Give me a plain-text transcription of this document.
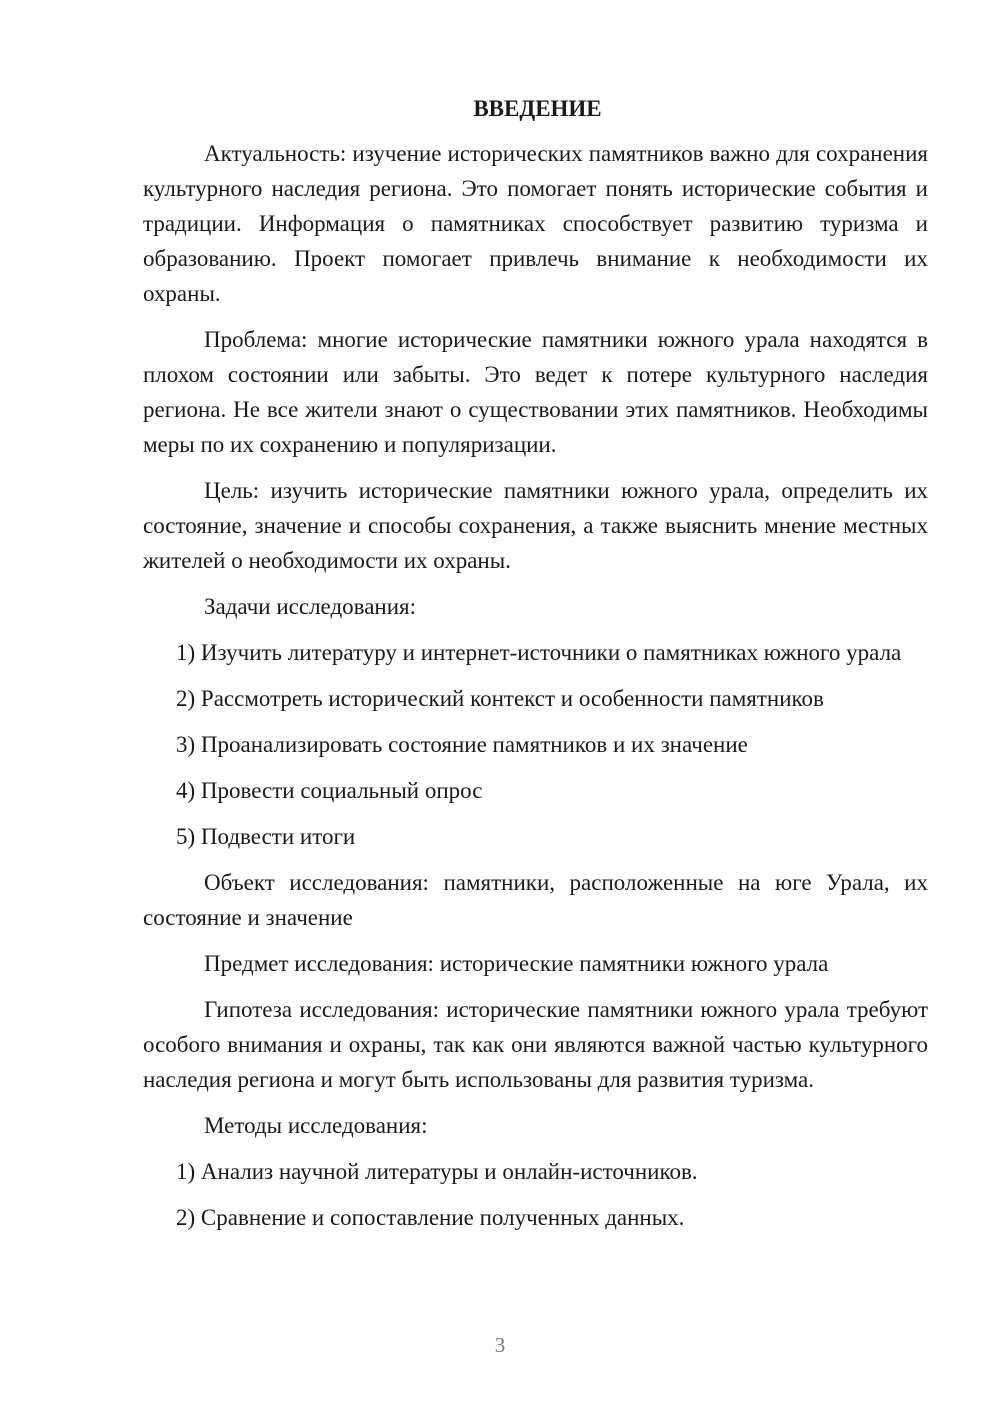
ВВЕДЕНИЕ

Актуальность: изучение исторических памятников важно для сохранения культурного наследия региона. Это помогает понять исторические события и традиции. Информация о памятниках способствует развитию туризма и образованию. Проект помогает привлечь внимание к необходимости их охраны.

Проблема: многие исторические памятники южного урала находятся в плохом состоянии или забыты. Это ведет к потере культурного наследия региона. Не все жители знают о существовании этих памятников. Необходимы меры по их сохранению и популяризации.

Цель: изучить исторические памятники южного урала, определить их состояние, значение и способы сохранения, а также выяснить мнение местных жителей о необходимости их охраны.

Задачи исследования:

1) Изучить литературу и интернет-источники о памятниках южного урала

2) Рассмотреть исторический контекст и особенности памятников

3) Проанализировать состояние памятников и их значение

4) Провести социальный опрос

5) Подвести итоги

Объект исследования: памятники, расположенные на юге Урала, их состояние и значение

Предмет исследования: исторические памятники южного урала

Гипотеза исследования: исторические памятники южного урала требуют особого внимания и охраны, так как они являются важной частью культурного наследия региона и могут быть использованы для развития туризма.

Методы исследования:

1) Анализ научной литературы и онлайн-источников.

2) Сравнение и сопоставление полученных данных.

3
